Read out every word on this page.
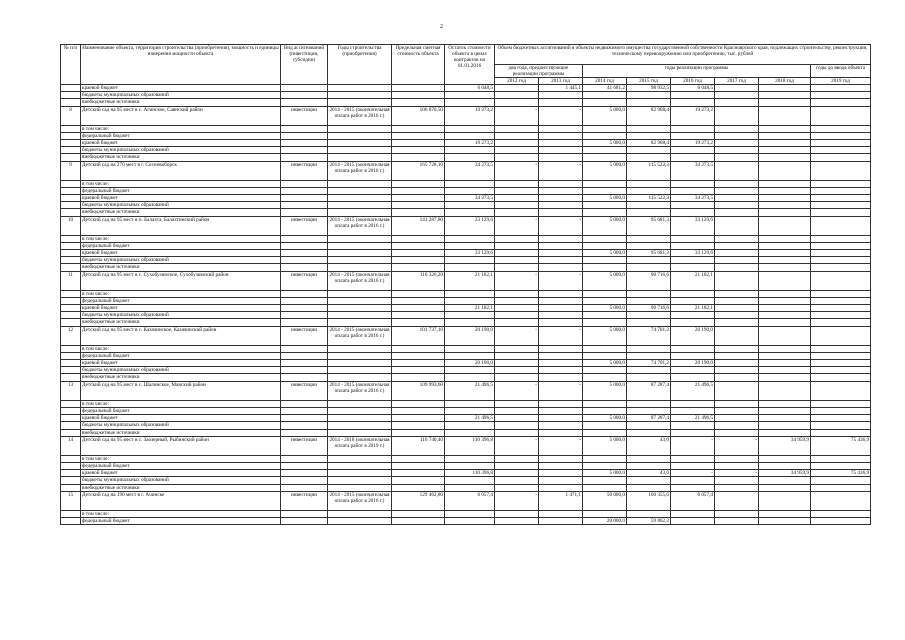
2
№ п/п	Наименование объекта, территория строительства (приобретения), мощность и единицы измерения мощности объекта	Вид ассигнований (инвестиции, субсидии)	Годы строительства (приобретения)	Предельная сметная стоимость объекта	Остаток стоимости объекта в ценах контрактов на 01.01.2016	Объем бюджетных ассигнований в объекты недвижимого имущества государственной собственности Красноярского края, подлежащих строительству, реконструкции, техническому перевооружению или приобретению, тыс. рублей							
						два года, предшествующие реализации программы		годы реализации программы					годы до ввода объекта
						2012 год	2013 год	2014 год	2015 год	2016 год	2017 год	2018 год	2019 год
	краевой бюджет				6 048,5		1 445,1	41 681,2	98 932,5	6 048,5			
	бюджеты муниципальных образований												
	внебюджетные источники												
8	Детский сад на 95 мест в с. Агинское, Саянский район	инвестиции	2014 - 2015 (окончательная оплата работ в 2016 г.)	106 870,50	19 273,2	-	-	5 000,0	82 968,4	19 273,2			
	в том числе:												
	федеральный бюджет												
	краевой бюджет				19 273,2			5 000,0	82 968,4	19 273,2			
	бюджеты муниципальных образований												
	внебюджетные источники												
9	Детский сад на 270 мест в г. Сосновоборск	инвестиции	2014 - 2015 (окончательная оплата работ в 2016 г.)	165 728,10	34 273,5	-	-	5 000,0	115 522,3	34 273,5			
	в том числе:												
	федеральный бюджет												
	краевой бюджет				34 273,5			5 000,0	115 522,3	34 273,5			
	бюджеты муниципальных образований												
	внебюджетные источники												
10	Детский сад на 95 мест в п. Балахта, Балахтинский район	инвестиции	2014 - 2015 (окончательная оплата работ в 2016 г.)	141 287,80	33 129,6	-	-	5 000,0	95 681,3	33 129,6			
	в том числе:												
	федеральный бюджет												
	краевой бюджет				33 129,6			5 000,0	95 681,3	33 129,6			
	бюджеты муниципальных образований												
	внебюджетные источники												
11	Детский сад на 95 мест в с. Сухобузимское, Сухобузимский район	инвестиции	2014 - 2015 (окончательная оплата работ в 2016 г.)	110 326,20	21 182,1	-	-	5 000,0	90 716,6	21 182,1			
	в том числе:												
	федеральный бюджет												
	краевой бюджет				21 182,1			5 000,0	90 716,6	21 182,1			
	бюджеты муниципальных образований												
	внебюджетные источники												
12	Детский сад на 95 мест в с. Казачинское, Казачинский район	инвестиции	2014 - 2015 (окончательная оплата работ в 2016 г.)	101 737,10	20 190,0	-	-	5 000,0	74 701,2	20 190,0			
	в том числе:												
	федеральный бюджет												
	краевой бюджет				20 190,0			5 000,0	74 701,2	20 190,0			
	бюджеты муниципальных образований												
	внебюджетные источники												
13	Детский сад на 95 мест в с. Шалинское, Манский район	инвестиции	2014 - 2015 (окончательная оплата работ в 2016 г.)	109 993,60	21 496,5	-	-	5 000,0	87 287,4	21 496,5			
	в том числе:												
	федеральный бюджет												
	краевой бюджет				21 496,5			5 000,0	87 287,4	21 496,5			
	бюджеты муниципальных образований												
	внебюджетные источники												
14	Детский сад на 95 мест в с. Заозерный, Рыбинский район	инвестиции	2014 - 2018 (окончательная оплата работ в 2019 г.)	116 740,40	110 396,8	-	-	5 000,0	43,0	-	-	34 959,9	75 436,9
	в том числе:												
	федеральный бюджет												
	краевой бюджет				110 396,8			5 000,0	43,0	-	-	34 959,9	75 436,9
	бюджеты муниципальных образований												
	внебюджетные источники												
15	Детский сад на 190 мест в г. Ачинске	инвестиции	2014 - 2015 (окончательная оплата работ в 2016 г.)	129 462,80	6 057,4	-	1 471,1	50 000,0	100 355,6	6 057,4			
	в том числе:												
	федеральный бюджет							20 000,0	59 862,2				
